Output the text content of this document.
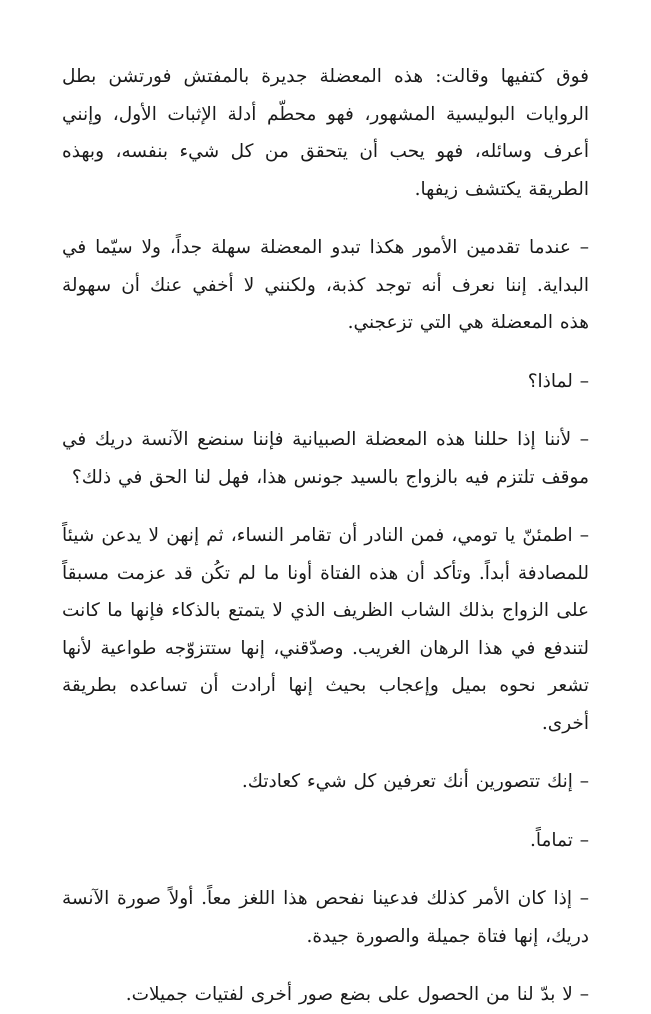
فوق كتفيها وقالت: هذه المعضلة جديرة بالمفتش فورتشن بطل الروايات البوليسية المشهور، فهو محطّم أدلة الإثبات الأول، وإنني أعرف وسائله، فهو يحب أن يتحقق من كل شيء بنفسه، وبهذه الطريقة يكتشف زيفها.

– عندما تقدمين الأمور هكذا تبدو المعضلة سهلة جداً، ولا سيّما في البداية. إننا نعرف أنه توجد كذبة، ولكنني لا أخفي عنك أن سهولة هذه المعضلة هي التي تزعجني.

– لماذا؟

– لأننا إذا حللنا هذه المعضلة الصبيانية فإننا سنضع الآنسة دريك في موقف تلتزم فيه بالزواج بالسيد جونس هذا، فهل لنا الحق في ذلك؟

– اطمئنّ يا تومي، فمن النادر أن تقامر النساء، ثم إنهن لا يدعن شيئاً للمصادفة أبداً. وتأكد أن هذه الفتاة أونا ما لم تكُن قد عزمت مسبقاً على الزواج بذلك الشاب الظريف الذي لا يتمتع بالذكاء فإنها ما كانت لتندفع في هذا الرهان الغريب. وصدّقني، إنها ستتزوّجه طواعية لأنها تشعر نحوه بميل وإعجاب بحيث إنها أرادت أن تساعده بطريقة أخرى.

– إنك تتصورين أنك تعرفين كل شيء كعادتك.

– تماماً.

– إذا كان الأمر كذلك فدعينا نفحص هذا اللغز معاً. أولاً صورة الآنسة دريك، إنها فتاة جميلة والصورة جيدة.

– لا بدّ لنا من الحصول على بضع صور أخرى لفتيات جميلات.
